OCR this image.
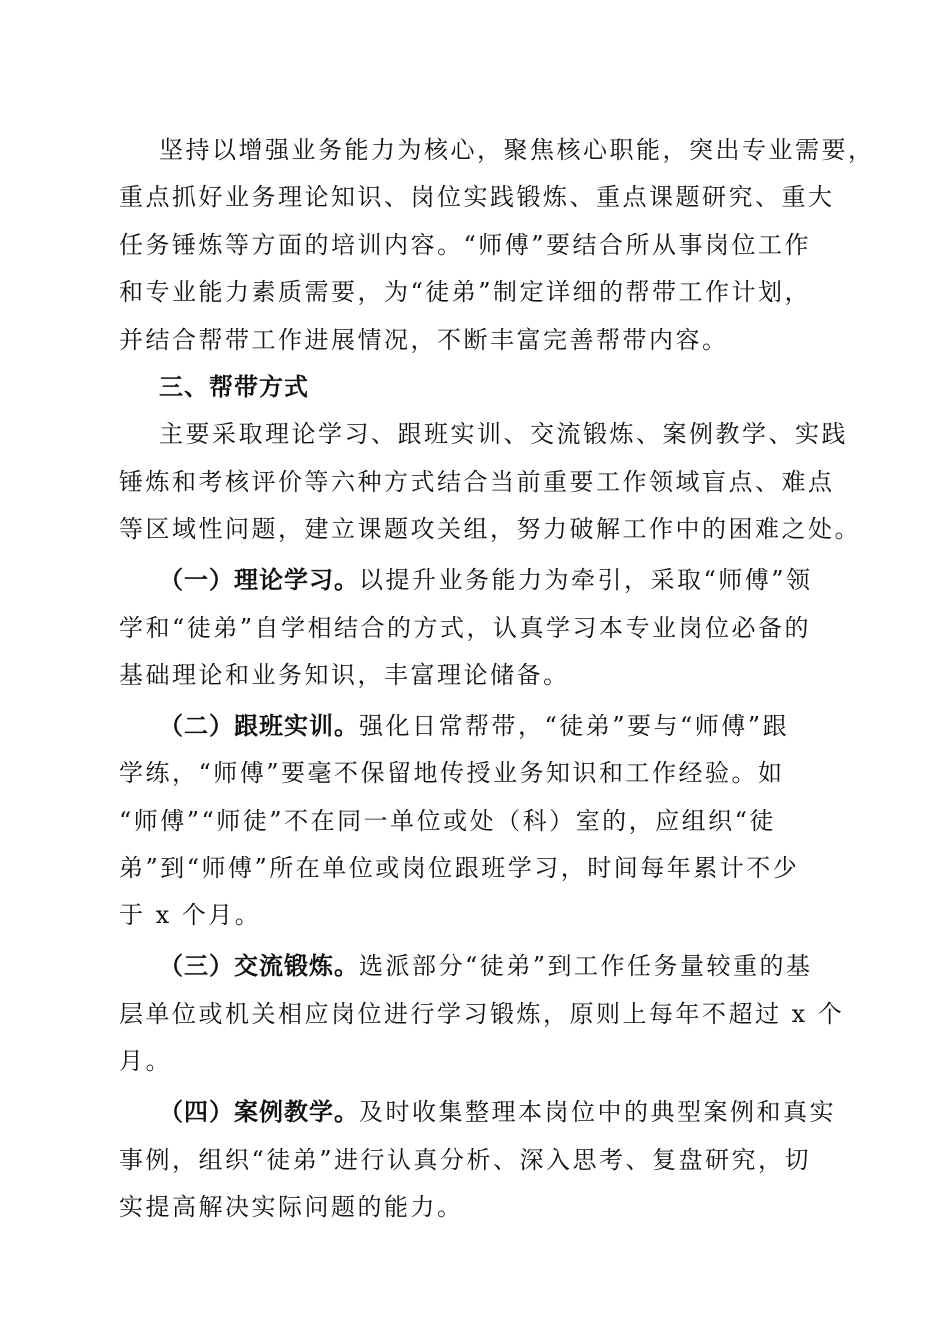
坚持以增强业务能力为核心，聚焦核心职能，突出专业需要，
重点抓好业务理论知识、岗位实践锻炼、重点课题研究、重大
任务锤炼等方面的培训内容。“师傅”要结合所从事岗位工作
和专业能力素质需要，为“徒弟”制定详细的帮带工作计划，
并结合帮带工作进展情况，不断丰富完善帮带内容。
三、帮带方式
主要采取理论学习、跟班实训、交流锻炼、案例教学、实践
锤炼和考核评价等六种方式结合当前重要工作领域盲点、难点
等区域性问题，建立课题攻关组，努力破解工作中的困难之处。
（一）理论学习。以提升业务能力为牵引，采取“师傅”领
学和“徒弟”自学相结合的方式，认真学习本专业岗位必备的
基础理论和业务知识，丰富理论储备。
（二）跟班实训。强化日常帮带，“徒弟”要与“师傅”跟
学练，“师傅”要毫不保留地传授业务知识和工作经验。如
“师傅”“师徒”不在同一单位或处（科）室的，应组织“徒
弟”到“师傅”所在单位或岗位跟班学习，时间每年累计不少
于 x 个月。
（三）交流锻炼。选派部分“徒弟”到工作任务量较重的基
层单位或机关相应岗位进行学习锻炼，原则上每年不超过 x 个
月。
（四）案例教学。及时收集整理本岗位中的典型案例和真实
事例，组织“徒弟”进行认真分析、深入思考、复盘研究，切
实提高解决实际问题的能力。
